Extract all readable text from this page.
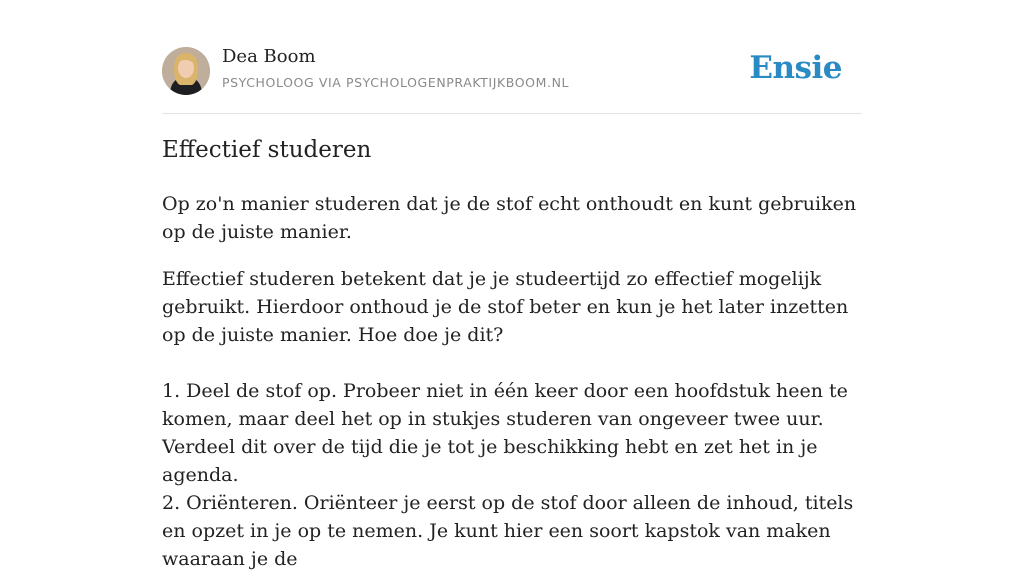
Dea Boom
PSYCHOLOOG VIA PSYCHOLOGENPRAKTIJKBOOM.NL	Ensie
Effectief studeren

Op zo'n manier studeren dat je de stof echt onthoudt en kunt gebruiken op de juiste manier.

Effectief studeren betekent dat je je studeertijd zo effectief mogelijk gebruikt. Hierdoor onthoud je de stof beter en kun je het later inzetten op de juiste manier. Hoe doe je dit?

1. Deel de stof op. Probeer niet in één keer door een hoofdstuk heen te komen, maar deel het op in stukjes studeren van ongeveer twee uur. Verdeel dit over de tijd die je tot je beschikking hebt en zet het in je agenda.

2. Oriënteren. Oriënteer je eerst op de stof door alleen de inhoud, titels en opzet in je op te nemen. Je kunt hier een soort kapstok van maken waaraan je de
